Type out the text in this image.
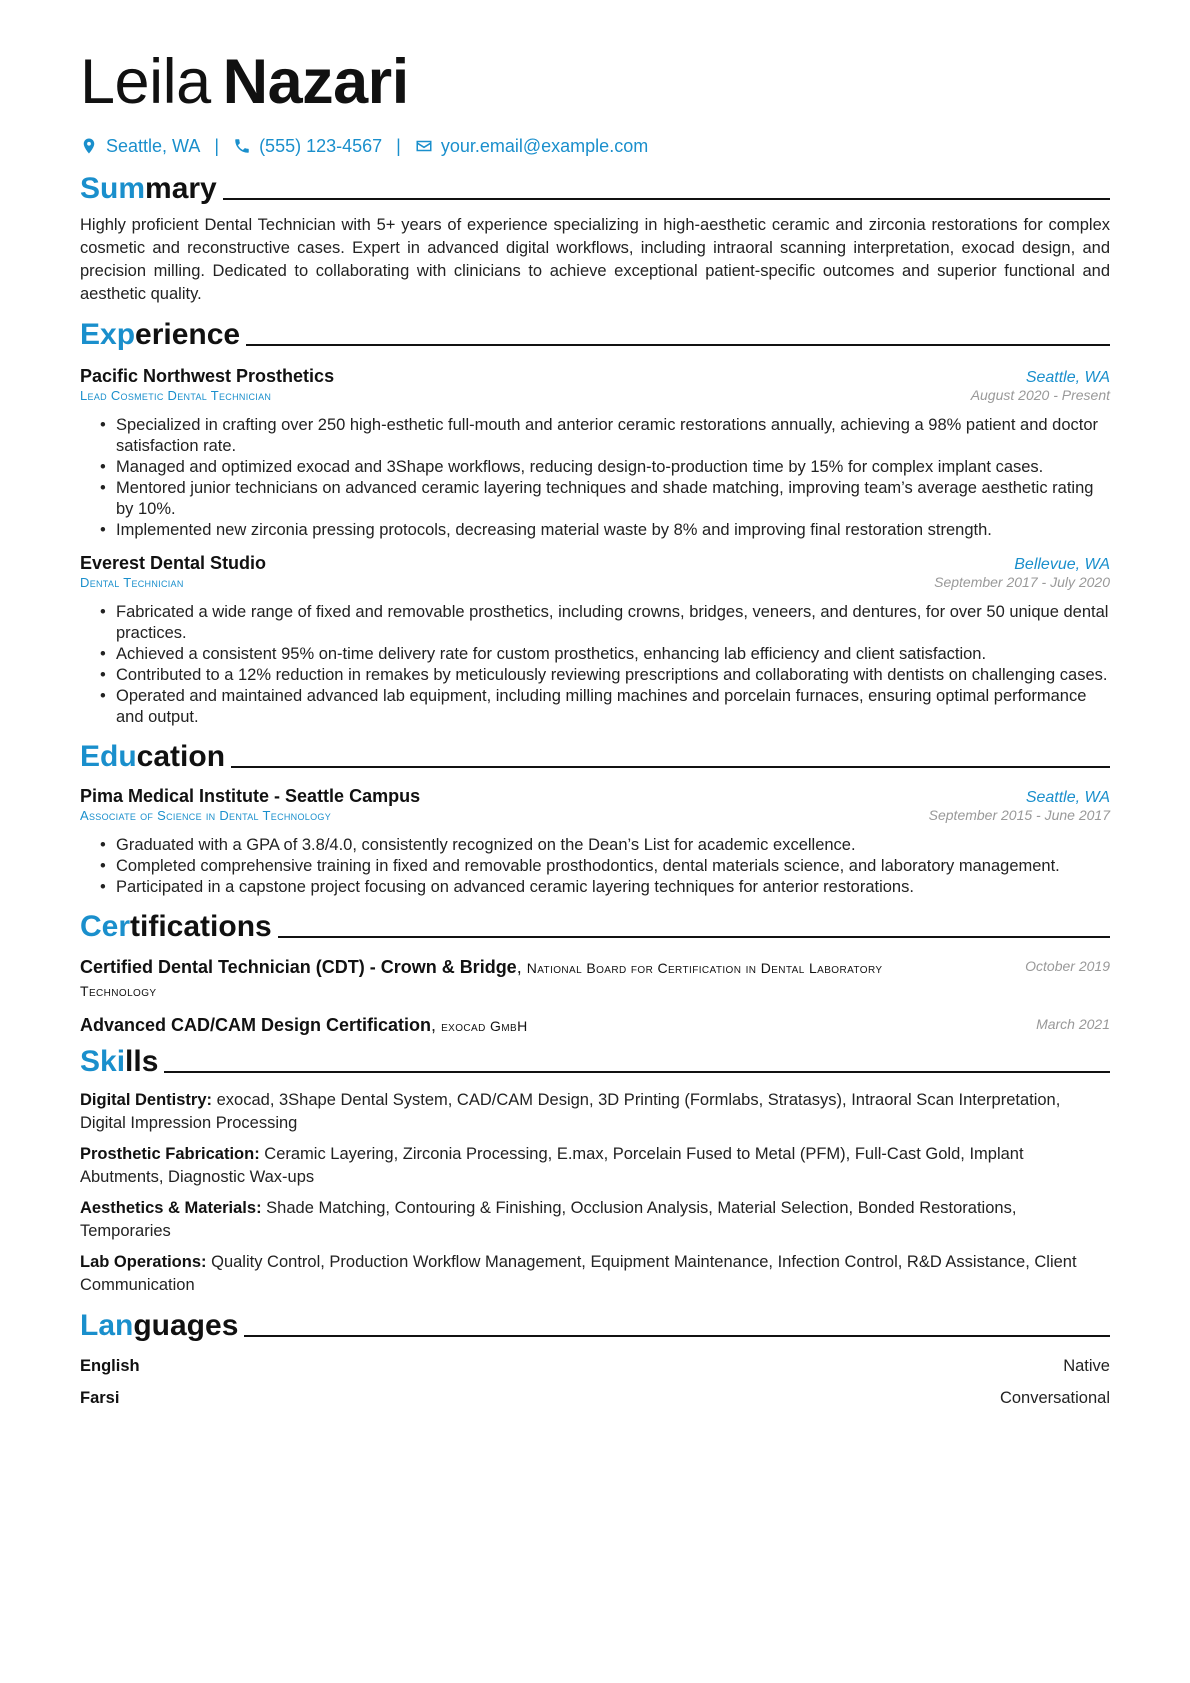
Leila Nazari
Seattle, WA | (555) 123-4567 | your.email@example.com
Summary

Highly proficient Dental Technician with 5+ years of experience specializing in high-aesthetic ceramic and zirconia restorations for complex cosmetic and reconstructive cases. Expert in advanced digital workflows, including intraoral scanning interpretation, exocad design, and precision milling. Dedicated to collaborating with clinicians to achieve exceptional patient-specific outcomes and superior functional and aesthetic quality.

Experience
Pacific Northwest Prosthetics	Seattle, WA
Lead Cosmetic Dental Technician	August 2020 - Present
• Specialized in crafting over 250 high-esthetic full-mouth and anterior ceramic restorations annually, achieving a 98% patient and doctor satisfaction rate.
• Managed and optimized exocad and 3Shape workflows, reducing design-to-production time by 15% for complex implant cases.
• Mentored junior technicians on advanced ceramic layering techniques and shade matching, improving team’s average aesthetic rating by 10%.
• Implemented new zirconia pressing protocols, decreasing material waste by 8% and improving final restoration strength.
Everest Dental Studio	Bellevue, WA
Dental Technician	September 2017 - July 2020
• Fabricated a wide range of fixed and removable prosthetics, including crowns, bridges, veneers, and dentures, for over 50 unique dental practices.
• Achieved a consistent 95% on-time delivery rate for custom prosthetics, enhancing lab efficiency and client satisfaction.
• Contributed to a 12% reduction in remakes by meticulously reviewing prescriptions and collaborating with dentists on challenging cases.
• Operated and maintained advanced lab equipment, including milling machines and porcelain furnaces, ensuring optimal performance and output.
Education
Pima Medical Institute - Seattle Campus	Seattle, WA
Associate of Science in Dental Technology	September 2015 - June 2017
• Graduated with a GPA of 3.8/4.0, consistently recognized on the Dean’s List for academic excellence.
• Completed comprehensive training in fixed and removable prosthodontics, dental materials science, and laboratory management.
• Participated in a capstone project focusing on advanced ceramic layering techniques for anterior restorations.
Certifications
Certified Dental Technician (CDT) - Crown & Bridge, National Board for Certification in Dental Laboratory Technology
October 2019
Advanced CAD/CAM Design Certification, exocad GmbH	March 2021
Skills
Digital Dentistry: exocad, 3Shape Dental System, CAD/CAM Design, 3D Printing (Formlabs, Stratasys), Intraoral Scan Interpretation, Digital Impression Processing
Prosthetic Fabrication: Ceramic Layering, Zirconia Processing, E.max, Porcelain Fused to Metal (PFM), Full-Cast Gold, Implant Abutments, Diagnostic Wax-ups
Aesthetics & Materials: Shade Matching, Contouring & Finishing, Occlusion Analysis, Material Selection, Bonded Restorations, Temporaries
Lab Operations: Quality Control, Production Workflow Management, Equipment Maintenance, Infection Control, R&D Assistance, Client Communication
Languages
English	Native
Farsi	Conversational
